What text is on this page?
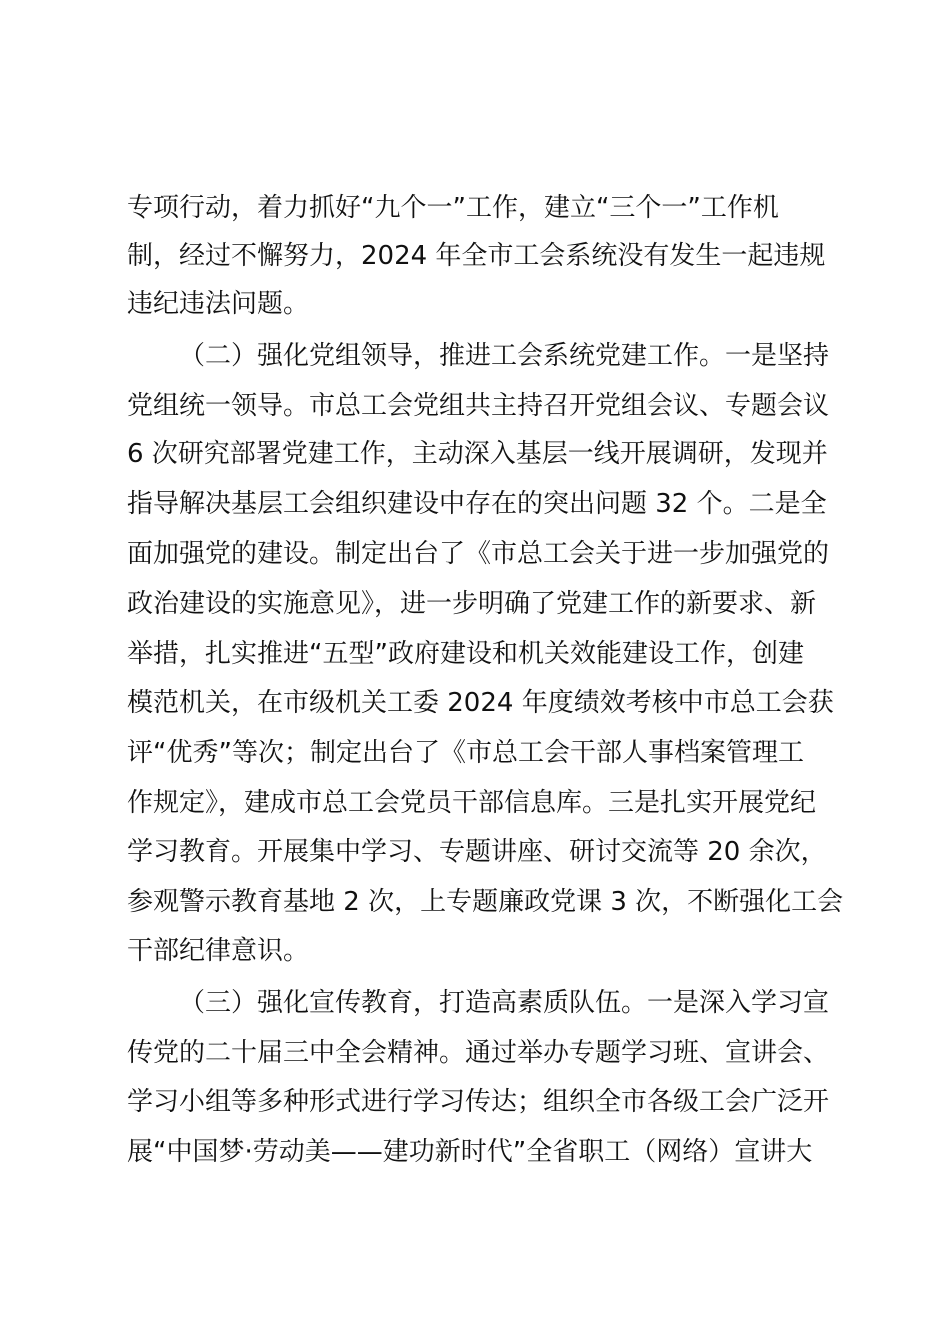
专项行动，着力抓好“九个一”工作，建立“三个一”工作机
制，经过不懈努力，2024 年全市工会系统没有发生一起违规
违纪违法问题。
（二）强化党组领导，推进工会系统党建工作。一是坚持
党组统一领导。市总工会党组共主持召开党组会议、专题会议
6 次研究部署党建工作，主动深入基层一线开展调研，发现并
指导解决基层工会组织建设中存在的突出问题 32 个。二是全
面加强党的建设。制定出台了《市总工会关于进一步加强党的
政治建设的实施意见》，进一步明确了党建工作的新要求、新
举措，扎实推进“五型”政府建设和机关效能建设工作，创建
模范机关，在市级机关工委 2024 年度绩效考核中市总工会获
评“优秀”等次；制定出台了《市总工会干部人事档案管理工
作规定》，建成市总工会党员干部信息库。三是扎实开展党纪
学习教育。开展集中学习、专题讲座、研讨交流等 20 余次，
参观警示教育基地 2 次，上专题廉政党课 3 次，不断强化工会
干部纪律意识。
（三）强化宣传教育，打造高素质队伍。一是深入学习宣
传党的二十届三中全会精神。通过举办专题学习班、宣讲会、
学习小组等多种形式进行学习传达；组织全市各级工会广泛开
展“中国梦·劳动美——建功新时代”全省职工（网络）宣讲大
